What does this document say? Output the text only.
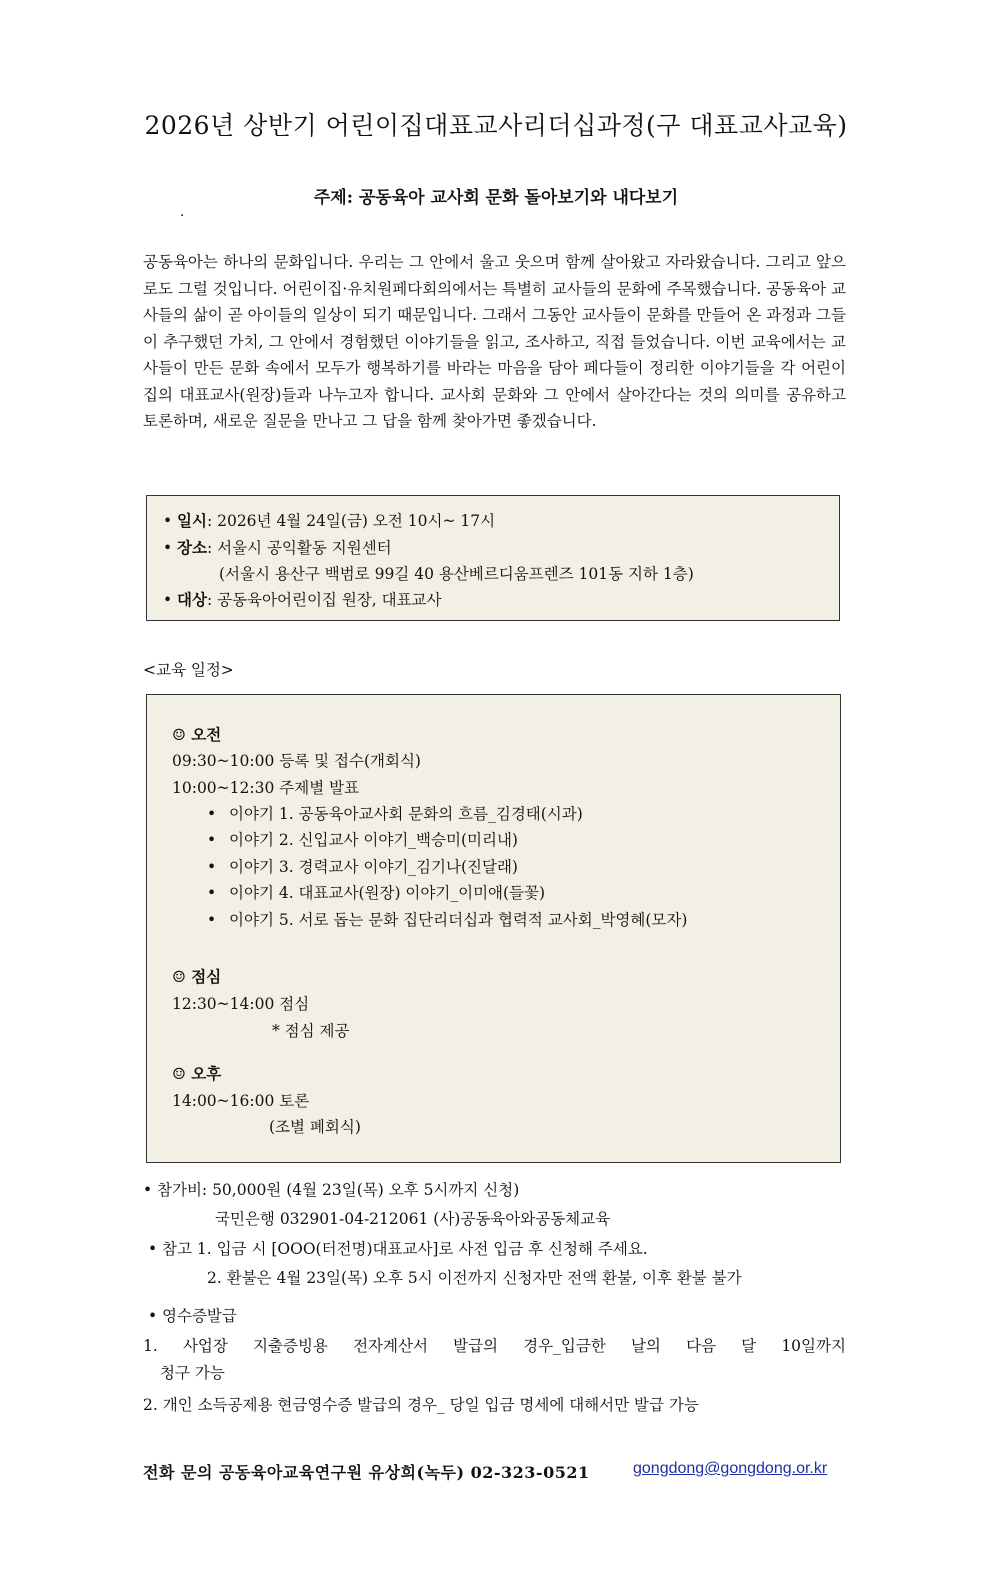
2026년 상반기 어린이집대표교사리더십과정(구 대표교사교육)
주제: 공동육아 교사회 문화 돌아보기와 내다보기
·
공동육아는 하나의 문화입니다. 우리는 그 안에서 울고 웃으며 함께 살아왔고 자라왔습니다. 그리고 앞으로도 그럴 것입니다. 어린이집·유치원페다회의에서는 특별히 교사들의 문화에 주목했습니다. 공동육아 교사들의 삶이 곧 아이들의 일상이 되기 때문입니다. 그래서 그동안 교사들이 문화를 만들어 온 과정과 그들이 추구했던 가치, 그 안에서 경험했던 이야기들을 읽고, 조사하고, 직접 들었습니다. 이번 교육에서는 교사들이 만든 문화 속에서 모두가 행복하기를 바라는 마음을 담아 페다들이 정리한 이야기들을 각 어린이집의 대표교사(원장)들과 나누고자 합니다. 교사회 문화와 그 안에서 살아간다는 것의 의미를 공유하고 토론하며, 새로운 질문을 만나고 그 답을 함께 찾아가면 좋겠습니다.
• 일시: 2026년 4월 24일(금) 오전 10시~ 17시
• 장소: 서울시 공익활동 지원센터
(서울시 용산구 백범로 99길 40 용산베르디움프렌즈 101동 지하 1층)
• 대상: 공동육아어린이집 원장, 대표교사
<교육 일정>
☺ 오전
09:30~10:00 등록 및 접수(개회식)
10:00~12:30 주제별 발표
• 이야기 1. 공동육아교사회 문화의 흐름_김경태(시과)
• 이야기 2. 신입교사 이야기_백승미(미리내)
• 이야기 3. 경력교사 이야기_김기나(진달래)
• 이야기 4. 대표교사(원장) 이야기_이미애(들꽃)
• 이야기 5. 서로 돕는 문화 집단리더십과 협력적 교사회_박영혜(모자)
☺ 점심
12:30~14:00 점심
* 점심 제공
☺ 오후
14:00~16:00 토론
(조별 폐회식)
• 참가비: 50,000원 (4월 23일(목) 오후 5시까지 신청)
국민은행 032901-04-212061 (사)공동육아와공동체교육
• 참고 1. 입금 시 [OOO(터전명)대표교사]로 사전 입금 후 신청해 주세요.
2. 환불은 4월 23일(목) 오후 5시 이전까지 신청자만 전액 환불, 이후 환불 불가
• 영수증발급
1. 사업장 지출증빙용 전자계산서 발급의 경우_입금한 날의 다음 달 10일까지
청구 가능
2. 개인 소득공제용 현금영수증 발급의 경우_ 당일 입금 명세에 대해서만 발급 가능
전화 문의 공동육아교육연구원 유상희(녹두) 02-323-0521	gongdong@gongdong.or.kr
